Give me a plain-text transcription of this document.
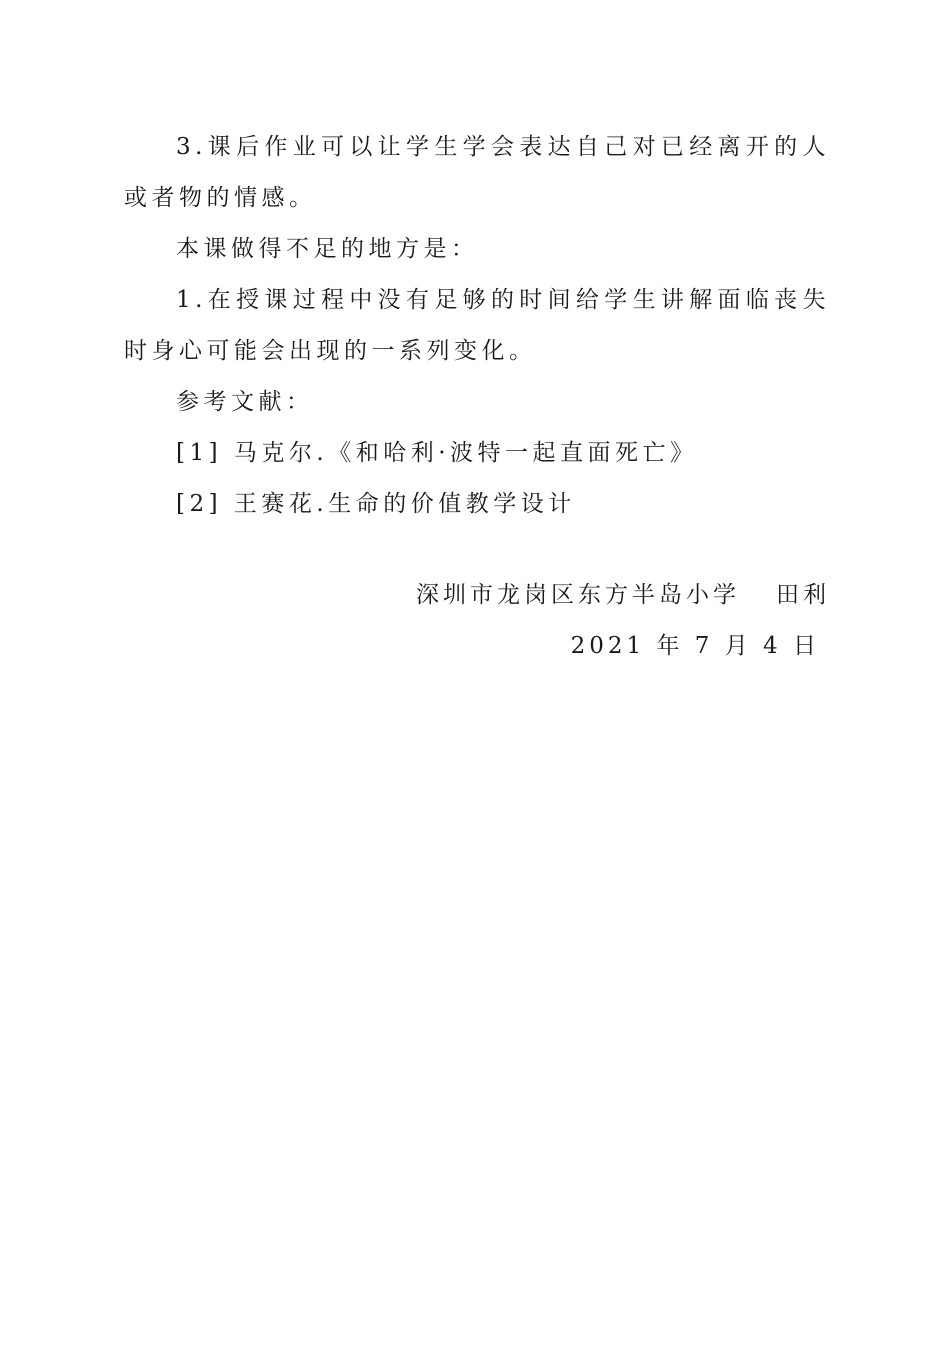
3.课后作业可以让学生学会表达自己对已经离开的人或者物的情感。

本课做得不足的地方是：

1.在授课过程中没有足够的时间给学生讲解面临丧失时身心可能会出现的一系列变化。

参考文献：

[1] 马克尔.《和哈利·波特一起直面死亡》

[2] 王赛花.生命的价值教学设计

深圳市龙岗区东方半岛小学 田利
2021 年 7 月 4 日
